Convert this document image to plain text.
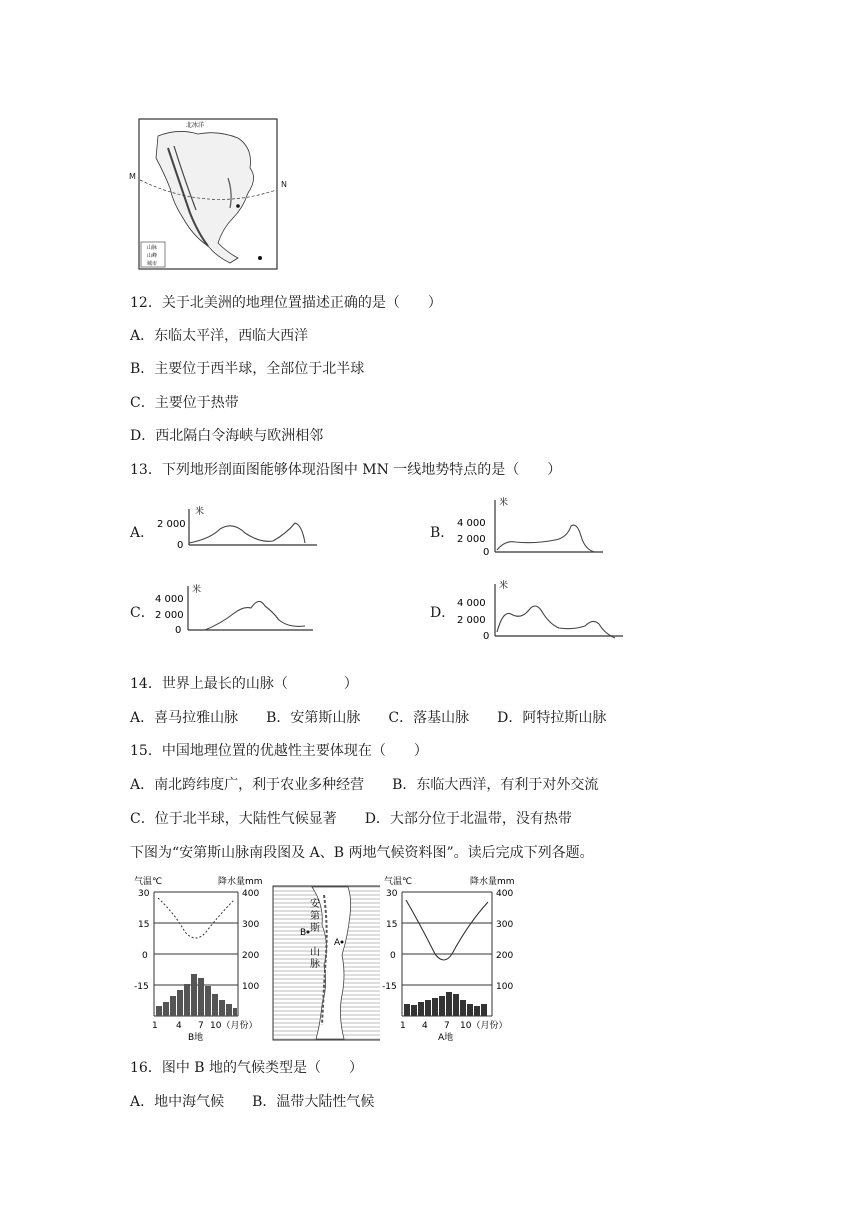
北冰洋
山脉
山峰
城市
M
N
12．关于北美洲的地理位置描述正确的是（　　）
A．东临太平洋，西临大西洋
B．主要位于西半球，全部位于北半球
C．主要位于热带
D．西北隔白令海峡与欧洲相邻
13．下列地形剖面图能够体现沿图中 MN 一线地势特点的是（　　）
A．
米
2 000
0
B．
米
4 000
2 000
0
C．
米
4 000
2 000
0
D．
米
4 000
2 000
0
14．世界上最长的山脉（　　　　）
A．喜马拉雅山脉　　B．安第斯山脉　　C．落基山脉　　D．阿特拉斯山脉
15．中国地理位置的优越性主要体现在（　　）
A．南北跨纬度广，利于农业多种经营　　B．东临大西洋，有利于对外交流
C．位于北半球，大陆性气候显著　　D．大部分位于北温带，没有热带
下图为“安第斯山脉南段图及 A、B 两地气候资料图”。读后完成下列各题。
气温℃	降水量mm
30
15
0
-15
400
300
200
100
1 4 7 10（月份）
B地
安
第
斯
山
脉
B
A
气温℃	降水量mm
30
15
0
-15
400
300
200
100
1 4 7 10（月份）
A地
16．图中 B 地的气候类型是（　　）
A．地中海气候　　B．温带大陆性气候
